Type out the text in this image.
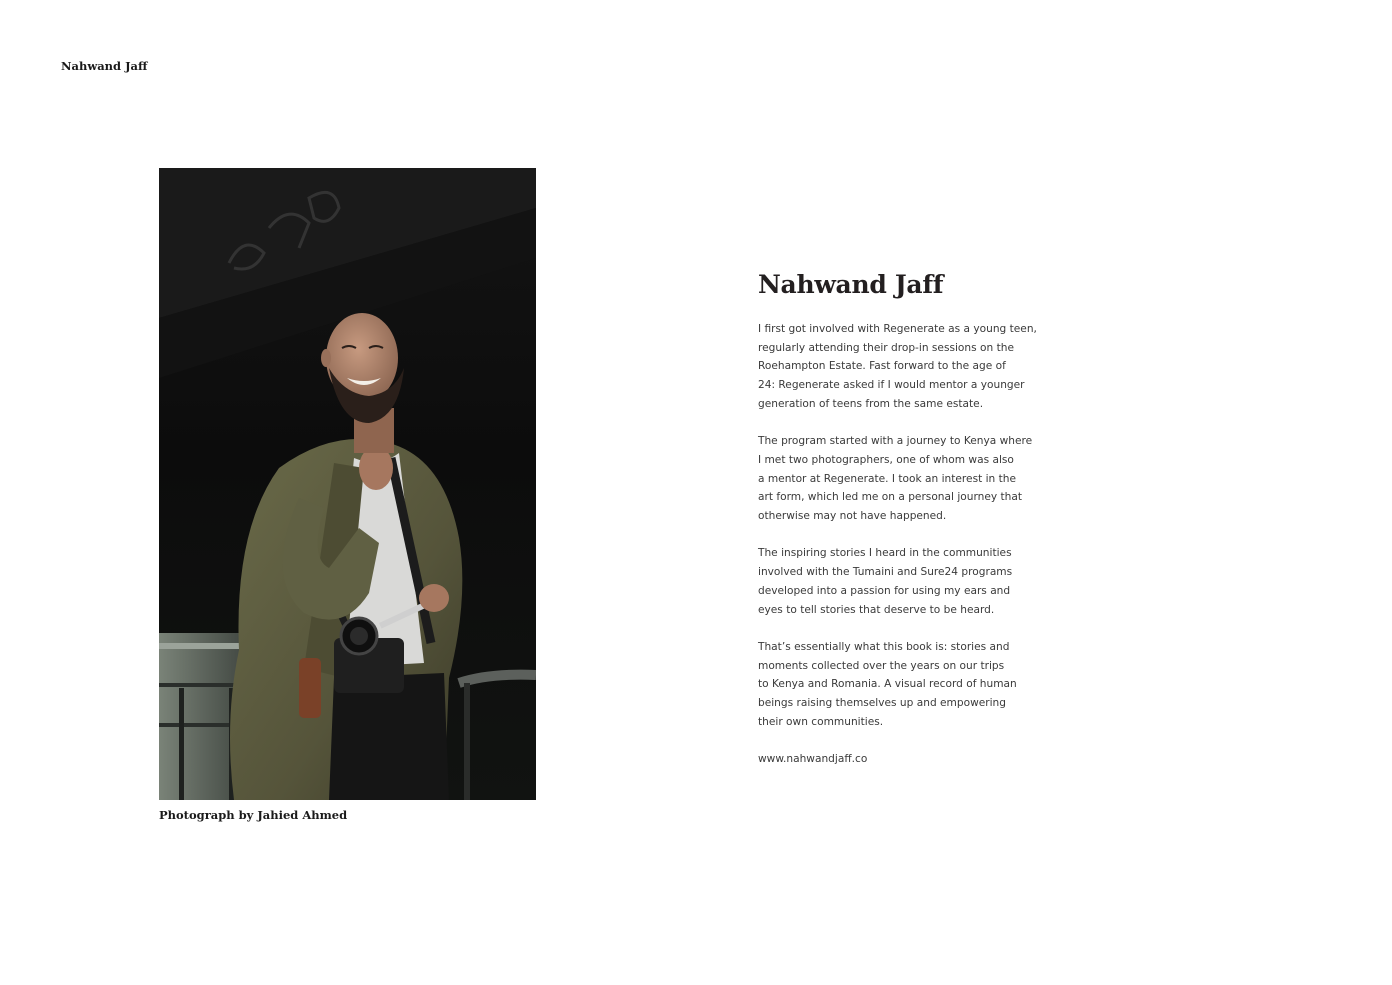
Nahwand Jaff
Photograph by Jahied Ahmed
Nahwand Jaff

I first got involved with Regenerate as a young teen,
regularly attending their drop-in sessions on the
Roehampton Estate. Fast forward to the age of
24: Regenerate asked if I would mentor a younger
generation of teens from the same estate.

The program started with a journey to Kenya where
I met two photographers, one of whom was also
a mentor at Regenerate. I took an interest in the
art form, which led me on a personal journey that
otherwise may not have happened.

The inspiring stories I heard in the communities
involved with the Tumaini and Sure24 programs
developed into a passion for using my ears and
eyes to tell stories that deserve to be heard.

That’s essentially what this book is: stories and
moments collected over the years on our trips
to Kenya and Romania. A visual record of human
beings raising themselves up and empowering
their own communities.

www.nahwandjaff.co
